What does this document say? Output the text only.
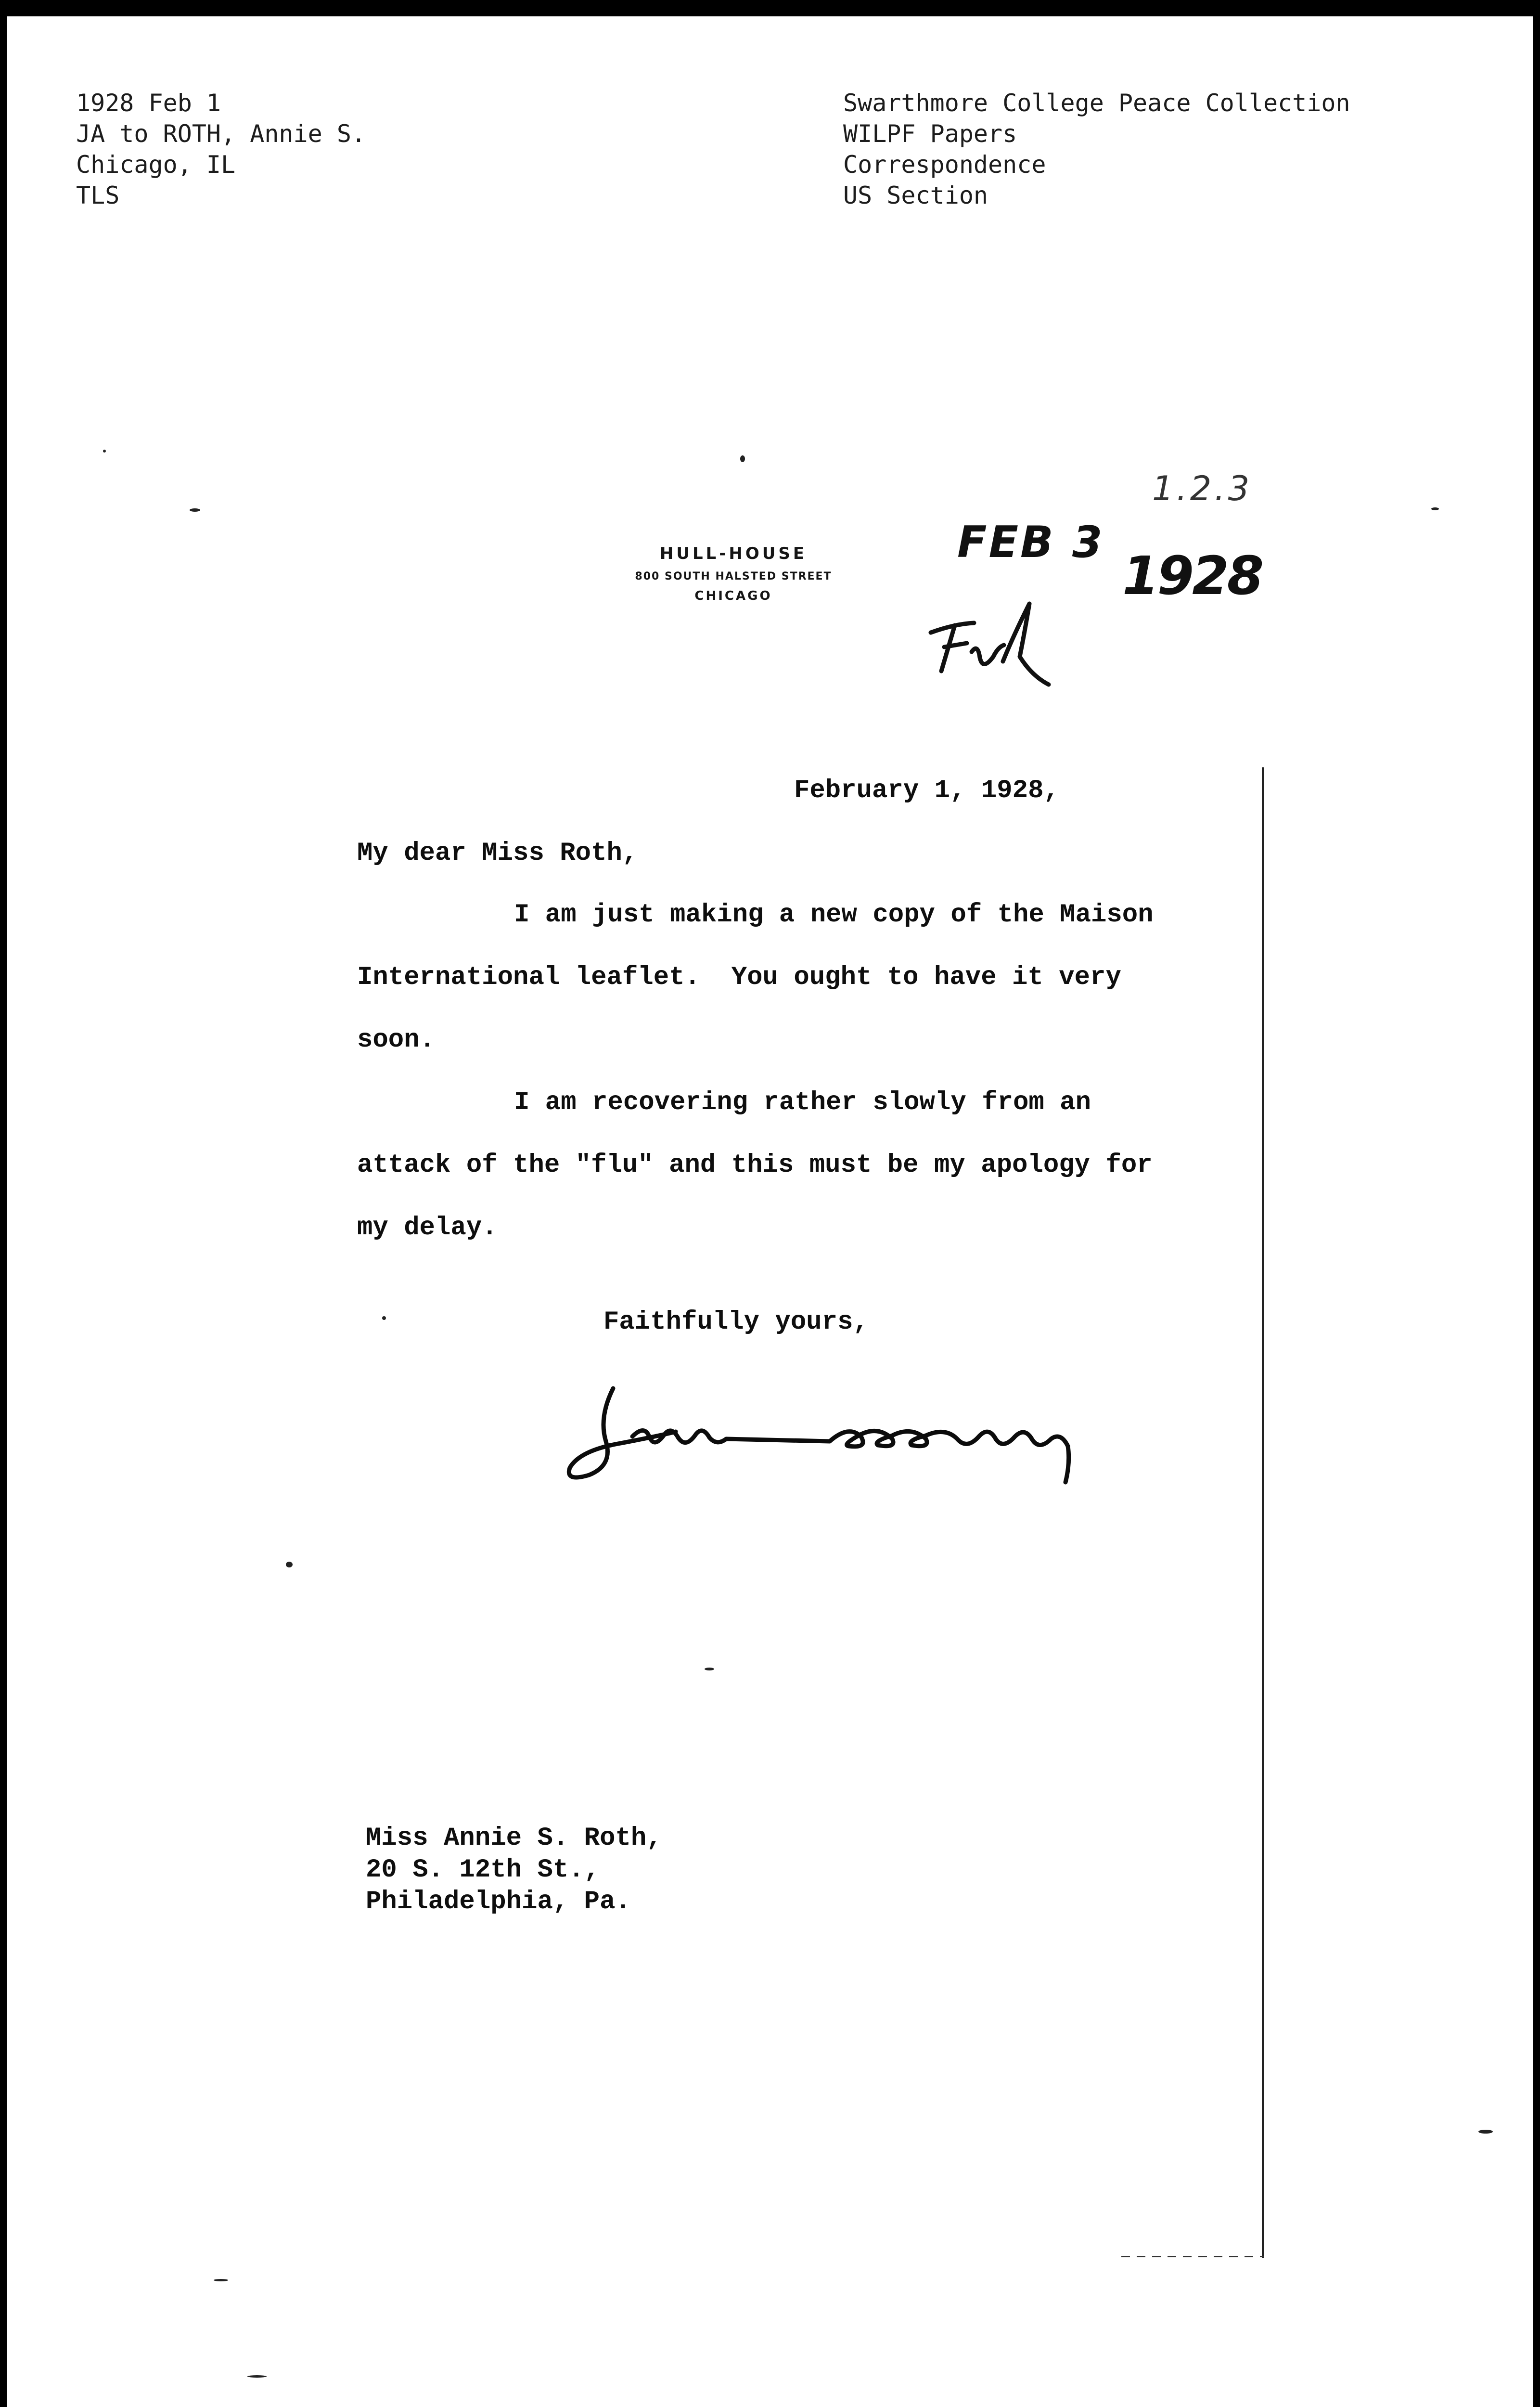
1928 Feb 1
JA to ROTH, Annie S.
Chicago, IL
TLS
Swarthmore College Peace Collection
WILPF Papers
Correspondence
US Section
HULL-HOUSE
800 SOUTH HALSTED STREET
CHICAGO
1.2.3
FEB 3
1928
February 1, 1928,
My dear Miss Roth,
I am just making a new copy of the Maison
International leaflet.  You ought to have it very
soon.
I am recovering rather slowly from an
attack of the "flu" and this must be my apology for
my delay.
Faithfully yours,
Jane Addams
Miss Annie S. Roth,
20 S. 12th St.,
Philadelphia, Pa.
